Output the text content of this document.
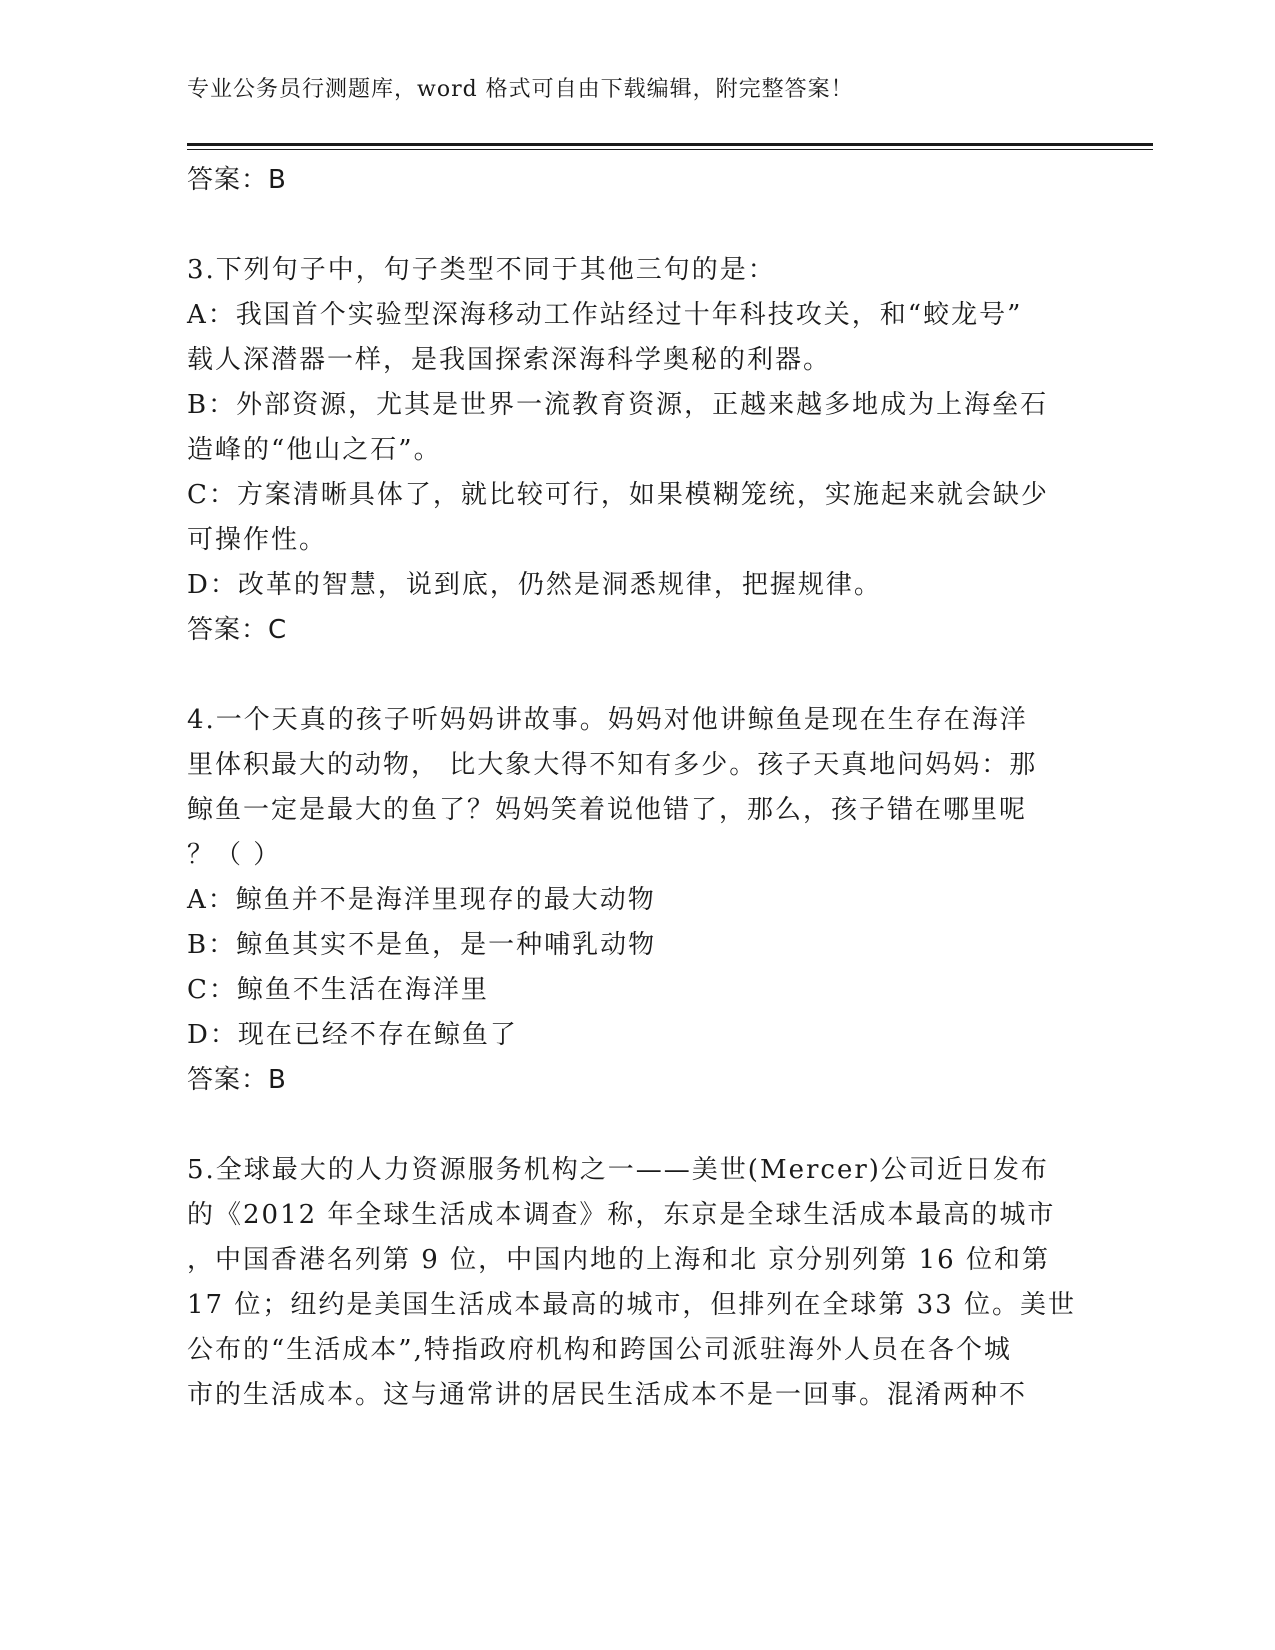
专业公务员行测题库，word 格式可自由下载编辑，附完整答案！
答案：B
3.下列句子中，句子类型不同于其他三句的是：
A：我国首个实验型深海移动工作站经过十年科技攻关，和“蛟龙号”
载人深潜器一样，是我国探索深海科学奥秘的利器。
B：外部资源，尤其是世界一流教育资源，正越来越多地成为上海垒石
造峰的“他山之石”。
C：方案清晰具体了，就比较可行，如果模糊笼统，实施起来就会缺少
可操作性。
D：改革的智慧，说到底，仍然是洞悉规律，把握规律。
答案：C
4.一个天真的孩子听妈妈讲故事。妈妈对他讲鲸鱼是现在生存在海洋
里体积最大的动物， 比大象大得不知有多少。孩子天真地问妈妈：那
鲸鱼一定是最大的鱼了？妈妈笑着说他错了，那么，孩子错在哪里呢
？（ ）
A：鲸鱼并不是海洋里现存的最大动物
B：鲸鱼其实不是鱼，是一种哺乳动物
C：鲸鱼不生活在海洋里
D：现在已经不存在鲸鱼了
答案：B
5.全球最大的人力资源服务机构之一——美世(Mercer)公司近日发布
的《2012 年全球生活成本调查》称，东京是全球生活成本最高的城市
，中国香港名列第 9 位，中国内地的上海和北 京分别列第 16 位和第
17 位；纽约是美国生活成本最高的城市，但排列在全球第 33 位。美世
公布的“生活成本”,特指政府机构和跨国公司派驻海外人员在各个城
市的生活成本。这与通常讲的居民生活成本不是一回事。混淆两种不
